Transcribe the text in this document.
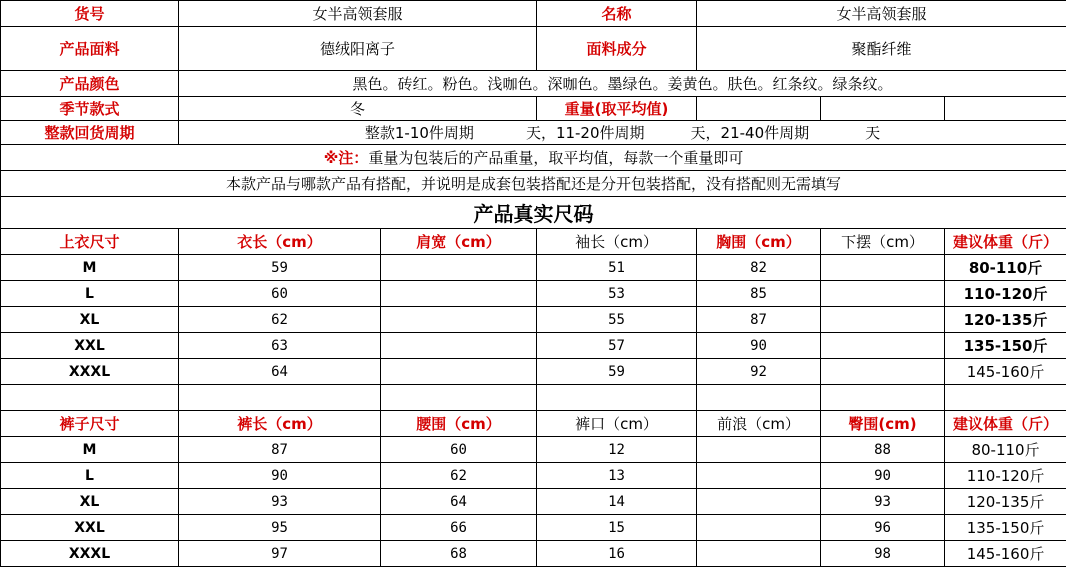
货号	女半高领套服		名称	女半高领套服		
产品面料	德绒阳离子		面料成分	聚酯纤维		
产品颜色	黑色。砖红。粉色。浅咖色。深咖色。墨绿色。姜黄色。肤色。红条纹。绿条纹。					
季节款式	冬		重量(取平均值)			
整款回货周期	整款1-10件周期 天，11-20件周期 天，21-40件周期 天					
※注：重量为包装后的产品重量，取平均值，每款一个重量即可						
本款产品与哪款产品有搭配，并说明是成套包装搭配还是分开包装搭配，没有搭配则无需填写						
产品真实尺码						
上衣尺寸	衣长（cm）	肩宽（cm）	袖长（cm）	胸围（cm）	下摆（cm）	建议体重（斤）
M	59		51	82		80-110斤
L	60		53	85		110-120斤
XL	62		55	87		120-135斤
XXL	63		57	90		135-150斤
XXXL	64		59	92		145-160斤

裤子尺寸	裤长（cm）	腰围（cm）	裤口（cm）	前浪（cm）	臀围(cm)	建议体重（斤）
M	87	60	12		88	80-110斤
L	90	62	13		90	110-120斤
XL	93	64	14		93	120-135斤
XXL	95	66	15		96	135-150斤
XXXL	97	68	16		98	145-160斤
